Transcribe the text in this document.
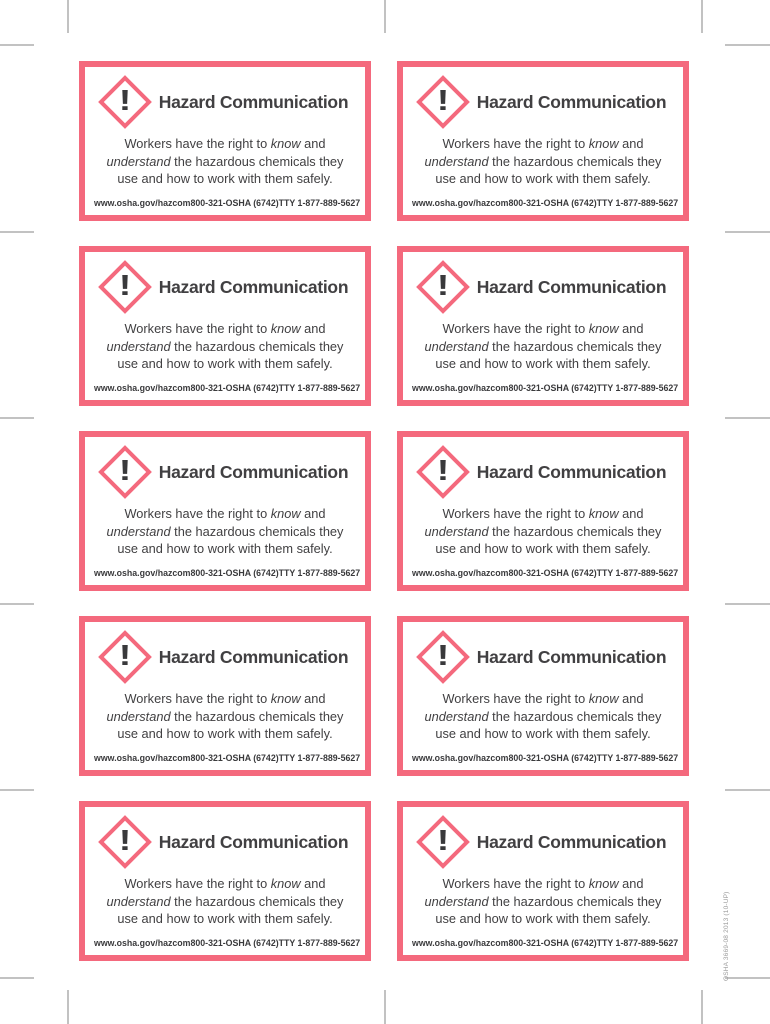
!	Hazard Communication
Workers have the right to know and
understand the hazardous chemicals they
use and how to work with them safely.
www.osha.gov/hazcom 800-321-OSHA (6742) TTY 1-877-889-5627
!	Hazard Communication
Workers have the right to know and
understand the hazardous chemicals they
use and how to work with them safely.
www.osha.gov/hazcom 800-321-OSHA (6742) TTY 1-877-889-5627
!	Hazard Communication
Workers have the right to know and
understand the hazardous chemicals they
use and how to work with them safely.
www.osha.gov/hazcom 800-321-OSHA (6742) TTY 1-877-889-5627
!	Hazard Communication
Workers have the right to know and
understand the hazardous chemicals they
use and how to work with them safely.
www.osha.gov/hazcom 800-321-OSHA (6742) TTY 1-877-889-5627
!	Hazard Communication
Workers have the right to know and
understand the hazardous chemicals they
use and how to work with them safely.
www.osha.gov/hazcom 800-321-OSHA (6742) TTY 1-877-889-5627
!	Hazard Communication
Workers have the right to know and
understand the hazardous chemicals they
use and how to work with them safely.
www.osha.gov/hazcom 800-321-OSHA (6742) TTY 1-877-889-5627
!	Hazard Communication
Workers have the right to know and
understand the hazardous chemicals they
use and how to work with them safely.
www.osha.gov/hazcom 800-321-OSHA (6742) TTY 1-877-889-5627
!	Hazard Communication
Workers have the right to know and
understand the hazardous chemicals they
use and how to work with them safely.
www.osha.gov/hazcom 800-321-OSHA (6742) TTY 1-877-889-5627
!	Hazard Communication
Workers have the right to know and
understand the hazardous chemicals they
use and how to work with them safely.
www.osha.gov/hazcom 800-321-OSHA (6742) TTY 1-877-889-5627
!	Hazard Communication
Workers have the right to know and
understand the hazardous chemicals they
use and how to work with them safely.
www.osha.gov/hazcom 800-321-OSHA (6742) TTY 1-877-889-5627	OSHA 3669-08 2013 (10-UP)
